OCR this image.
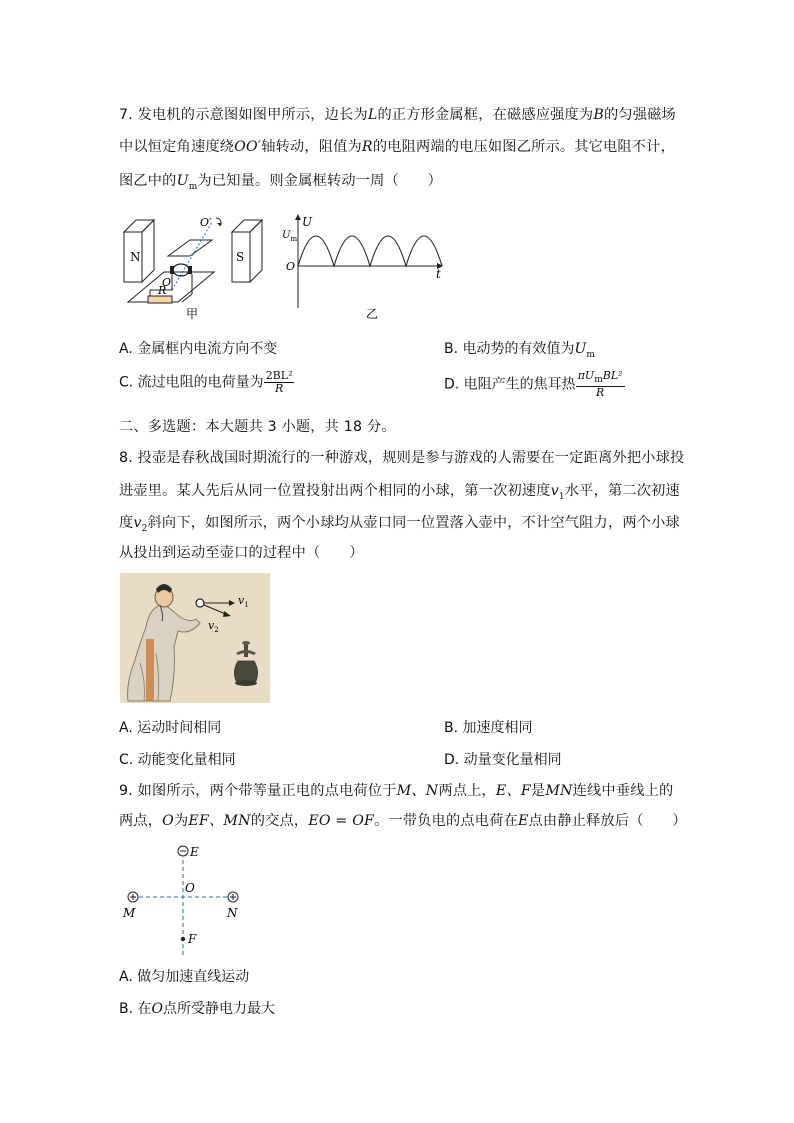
7. 发电机的示意图如图甲所示，边长为L的正方形金属框，在磁感应强度为B的匀强磁场
中以恒定角速度绕OO′轴转动，阻值为R的电阻两端的电压如图乙所示。其它电阻不计，
图乙中的$U_m$为已知量。则金属框转动一周（　　）
N	S
O′
O
R
甲
U
$U_m$
O
t
乙
A. 金属框内电流方向不变	B. 电动势的有效值为$U_m$
C. 流过电阻的电荷量为 $\frac{\text{2BL²}}{R}$	D. 电阻产生的焦耳热 $\frac{\pi U_mBL^2}{R}$
二、多选题：本大题共 3 小题，共 18 分。
8. 投壶是春秋战国时期流行的一种游戏，规则是参与游戏的人需要在一定距离外把小球投
进壶里。某人先后从同一位置投射出两个相同的小球，第一次初速度$v_1$水平，第二次初速
度$v_2$斜向下，如图所示，两个小球均从壶口同一位置落入壶中，不计空气阻力，两个小球
从投出到运动至壶口的过程中（　　）
$v_1$
$v_2$
A. 运动时间相同	B. 加速度相同
C. 动能变化量相同	D. 动量变化量相同
9. 如图所示，两个带等量正电的点电荷位于M、N两点上，E、F是MN连线中垂线上的
两点，O为EF、MN的交点，EO = OF。一带负电的点电荷在E点由静止释放后（　　）
E
O
M	N
F
A. 做匀加速直线运动
B. 在O点所受静电力最大
